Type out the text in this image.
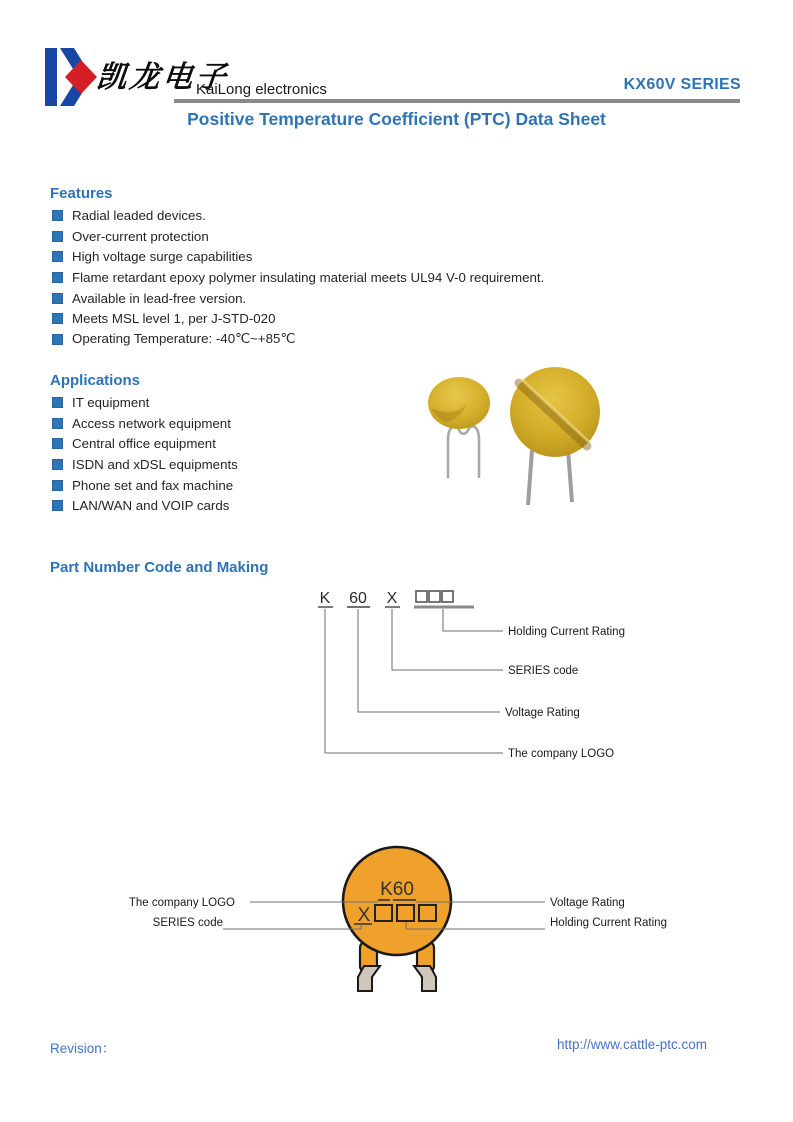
凯龙电子
KaiLong electronics	KX60V SERIES
Positive Temperature Coefficient (PTC) Data Sheet
Features
Radial leaded devices.
Over-current protection
High voltage surge capabilities
Flame retardant epoxy polymer insulating material meets UL94 V-0 requirement.
Available in lead-free version.
Meets MSL level 1, per J-STD-020
Operating Temperature: -40℃~+85℃
Applications
IT equipment
Access network equipment
Central office equipment
ISDN and xDSL equipments
Phone set and fax machine
LAN/WAN and VOIP cards
Part Number Code and Making
K 60 X
Holding Current Rating
SERIES code
Voltage Rating
The company LOGO
K60
X
The company LOGO
SERIES code
Voltage Rating
Holding Current Rating
Revision：	http://www.cattle-ptc.com
